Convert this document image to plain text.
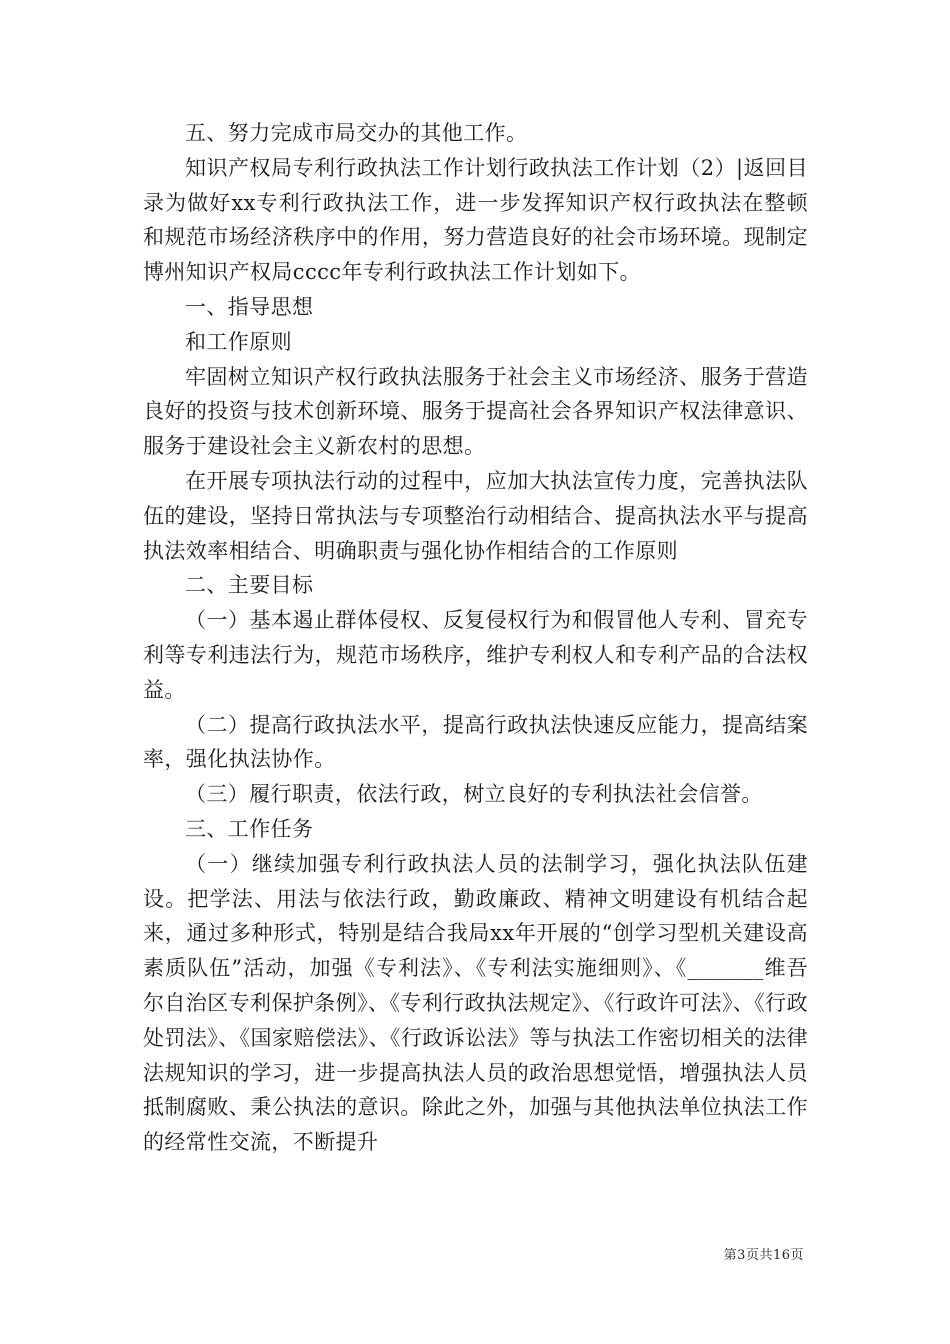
五、努力完成市局交办的其他工作。

知识产权局专利行政执法工作计划行政执法工作计划（2）|返回目录为做好xx专利行政执法工作，进一步发挥知识产权行政执法在整顿和规范市场经济秩序中的作用，努力营造良好的社会市场环境。现制定博州知识产权局cccc年专利行政执法工作计划如下。

一、指导思想

和工作原则

牢固树立知识产权行政执法服务于社会主义市场经济、服务于营造良好的投资与技术创新环境、服务于提高社会各界知识产权法律意识、服务于建设社会主义新农村的思想。

在开展专项执法行动的过程中，应加大执法宣传力度，完善执法队伍的建设，坚持日常执法与专项整治行动相结合、提高执法水平与提高执法效率相结合、明确职责与强化协作相结合的工作原则

二、主要目标

（一）基本遏止群体侵权、反复侵权行为和假冒他人专利、冒充专利等专利违法行为，规范市场秩序，维护专利权人和专利产品的合法权益。

（二）提高行政执法水平，提高行政执法快速反应能力，提高结案率，强化执法协作。

（三）履行职责，依法行政，树立良好的专利执法社会信誉。

三、工作任务

（一）继续加强专利行政执法人员的法制学习，强化执法队伍建设。把学法、用法与依法行政，勤政廉政、精神文明建设有机结合起来，通过多种形式，特别是结合我局xx年开展的“创学习型机关建设高素质队伍”活动，加强《专利法》、《专利法实施细则》、《_______维吾尔自治区专利保护条例》、《专利行政执法规定》、《行政许可法》、《行政处罚法》、《国家赔偿法》、《行政诉讼法》等与执法工作密切相关的法律法规知识的学习，进一步提高执法人员的政治思想觉悟，增强执法人员抵制腐败、秉公执法的意识。除此之外，加强与其他执法单位执法工作的经常性交流，不断提升

第3页共16页
